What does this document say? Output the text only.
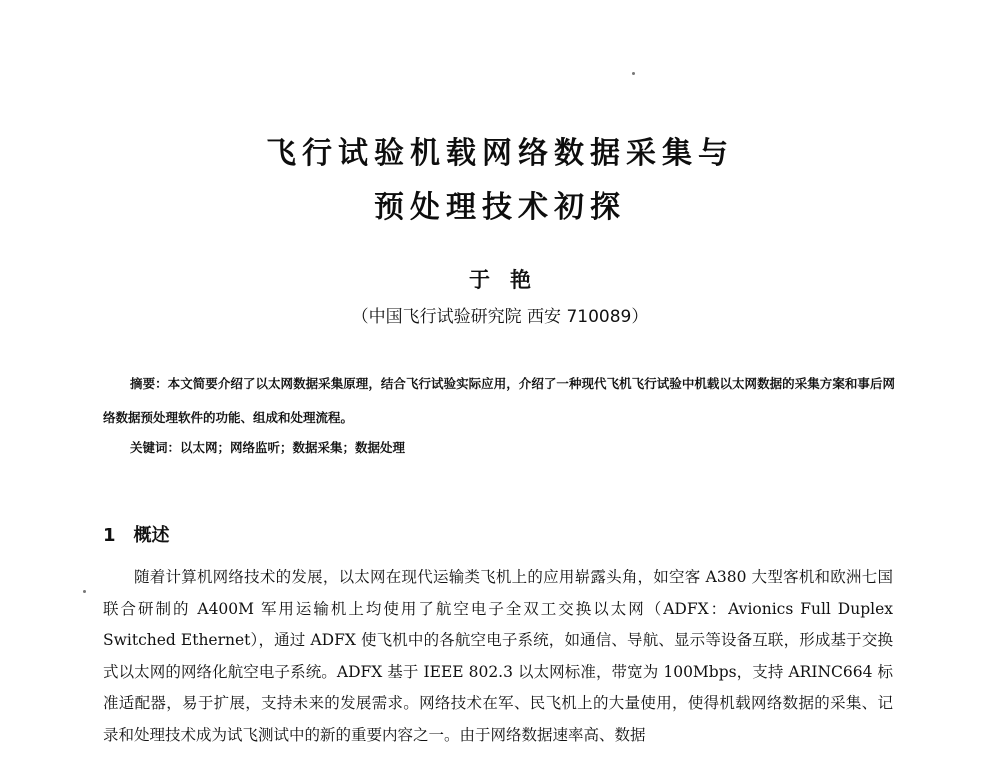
飞行试验机载网络数据采集与
预处理技术初探
于艳
（中国飞行试验研究院 西安 710089）
摘要：本文简要介绍了以太网数据采集原理，结合飞行试验实际应用，介绍了一种现代飞机飞行试验中机载以太网数据的采集方案和事后网络数据预处理软件的功能、组成和处理流程。
关键词：以太网；网络监听；数据采集；数据处理
1 概述
随着计算机网络技术的发展，以太网在现代运输类飞机上的应用崭露头角，如空客 A380 大型客机和欧洲七国联合研制的 A400M 军用运输机上均使用了航空电子全双工交换以太网（ADFX：Avionics Full Duplex Switched Ethernet），通过 ADFX 使飞机中的各航空电子系统，如通信、导航、显示等设备互联，形成基于交换式以太网的网络化航空电子系统。ADFX 基于 IEEE 802.3 以太网标准，带宽为 100Mbps，支持 ARINC664 标准适配器，易于扩展，支持未来的发展需求。网络技术在军、民飞机上的大量使用，使得机载网络数据的采集、记录和处理技术成为试飞测试中的新的重要内容之一。由于网络数据速率高、数据
